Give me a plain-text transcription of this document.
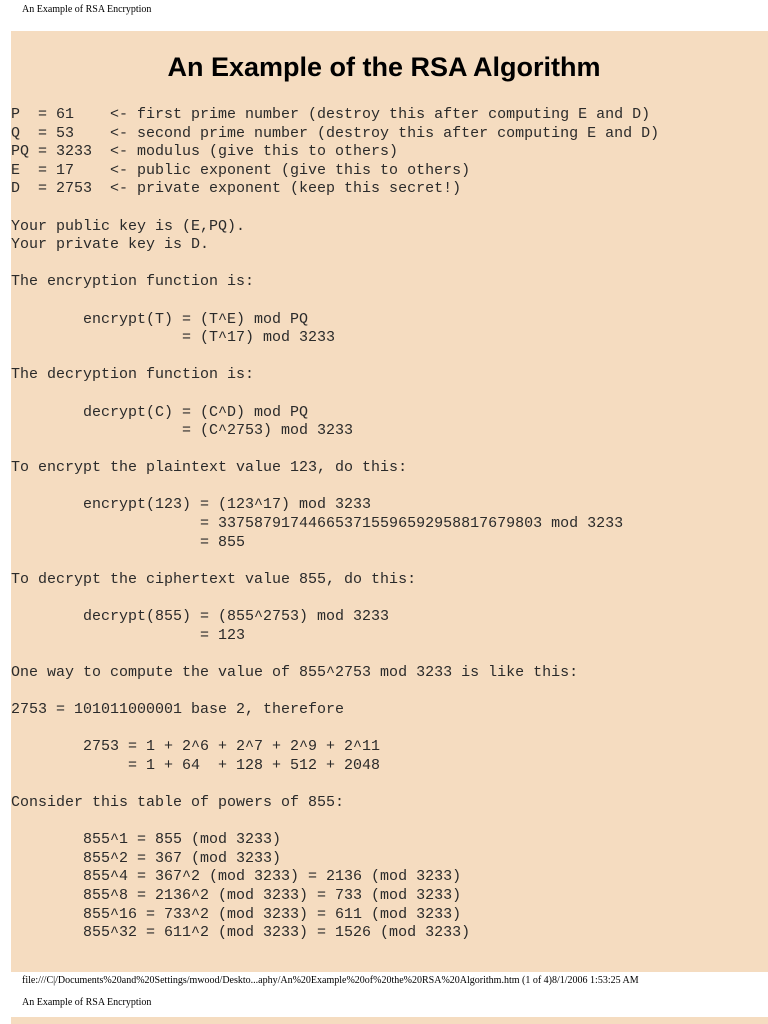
An Example of RSA Encryption
An Example of the RSA Algorithm
P  = 61    <- first prime number (destroy this after computing E and D)
Q  = 53    <- second prime number (destroy this after computing E and D)
PQ = 3233  <- modulus (give this to others)
E  = 17    <- public exponent (give this to others)
D  = 2753  <- private exponent (keep this secret!)
Your public key is (E,PQ).
Your private key is D.
The encryption function is:
encrypt(T) = (T^E) mod PQ
= (T^17) mod 3233
The decryption function is:
decrypt(C) = (C^D) mod PQ
= (C^2753) mod 3233
To encrypt the plaintext value 123, do this:
encrypt(123) = (123^17) mod 3233
= 337587917446653715596592958817679803 mod 3233
= 855
To decrypt the ciphertext value 855, do this:
decrypt(855) = (855^2753) mod 3233
= 123
One way to compute the value of 855^2753 mod 3233 is like this:
2753 = 101011000001 base 2, therefore
2753 = 1 + 2^6 + 2^7 + 2^9 + 2^11
= 1 + 64  + 128 + 512 + 2048
Consider this table of powers of 855:
855^1 = 855 (mod 3233)
855^2 = 367 (mod 3233)
855^4 = 367^2 (mod 3233) = 2136 (mod 3233)
855^8 = 2136^2 (mod 3233) = 733 (mod 3233)
855^16 = 733^2 (mod 3233) = 611 (mod 3233)
855^32 = 611^2 (mod 3233) = 1526 (mod 3233)
file:///C|/Documents%20and%20Settings/mwood/Deskto...aphy/An%20Example%20of%20the%20RSA%20Algorithm.htm (1 of 4)8/1/2006 1:53:25 AM
An Example of RSA Encryption
